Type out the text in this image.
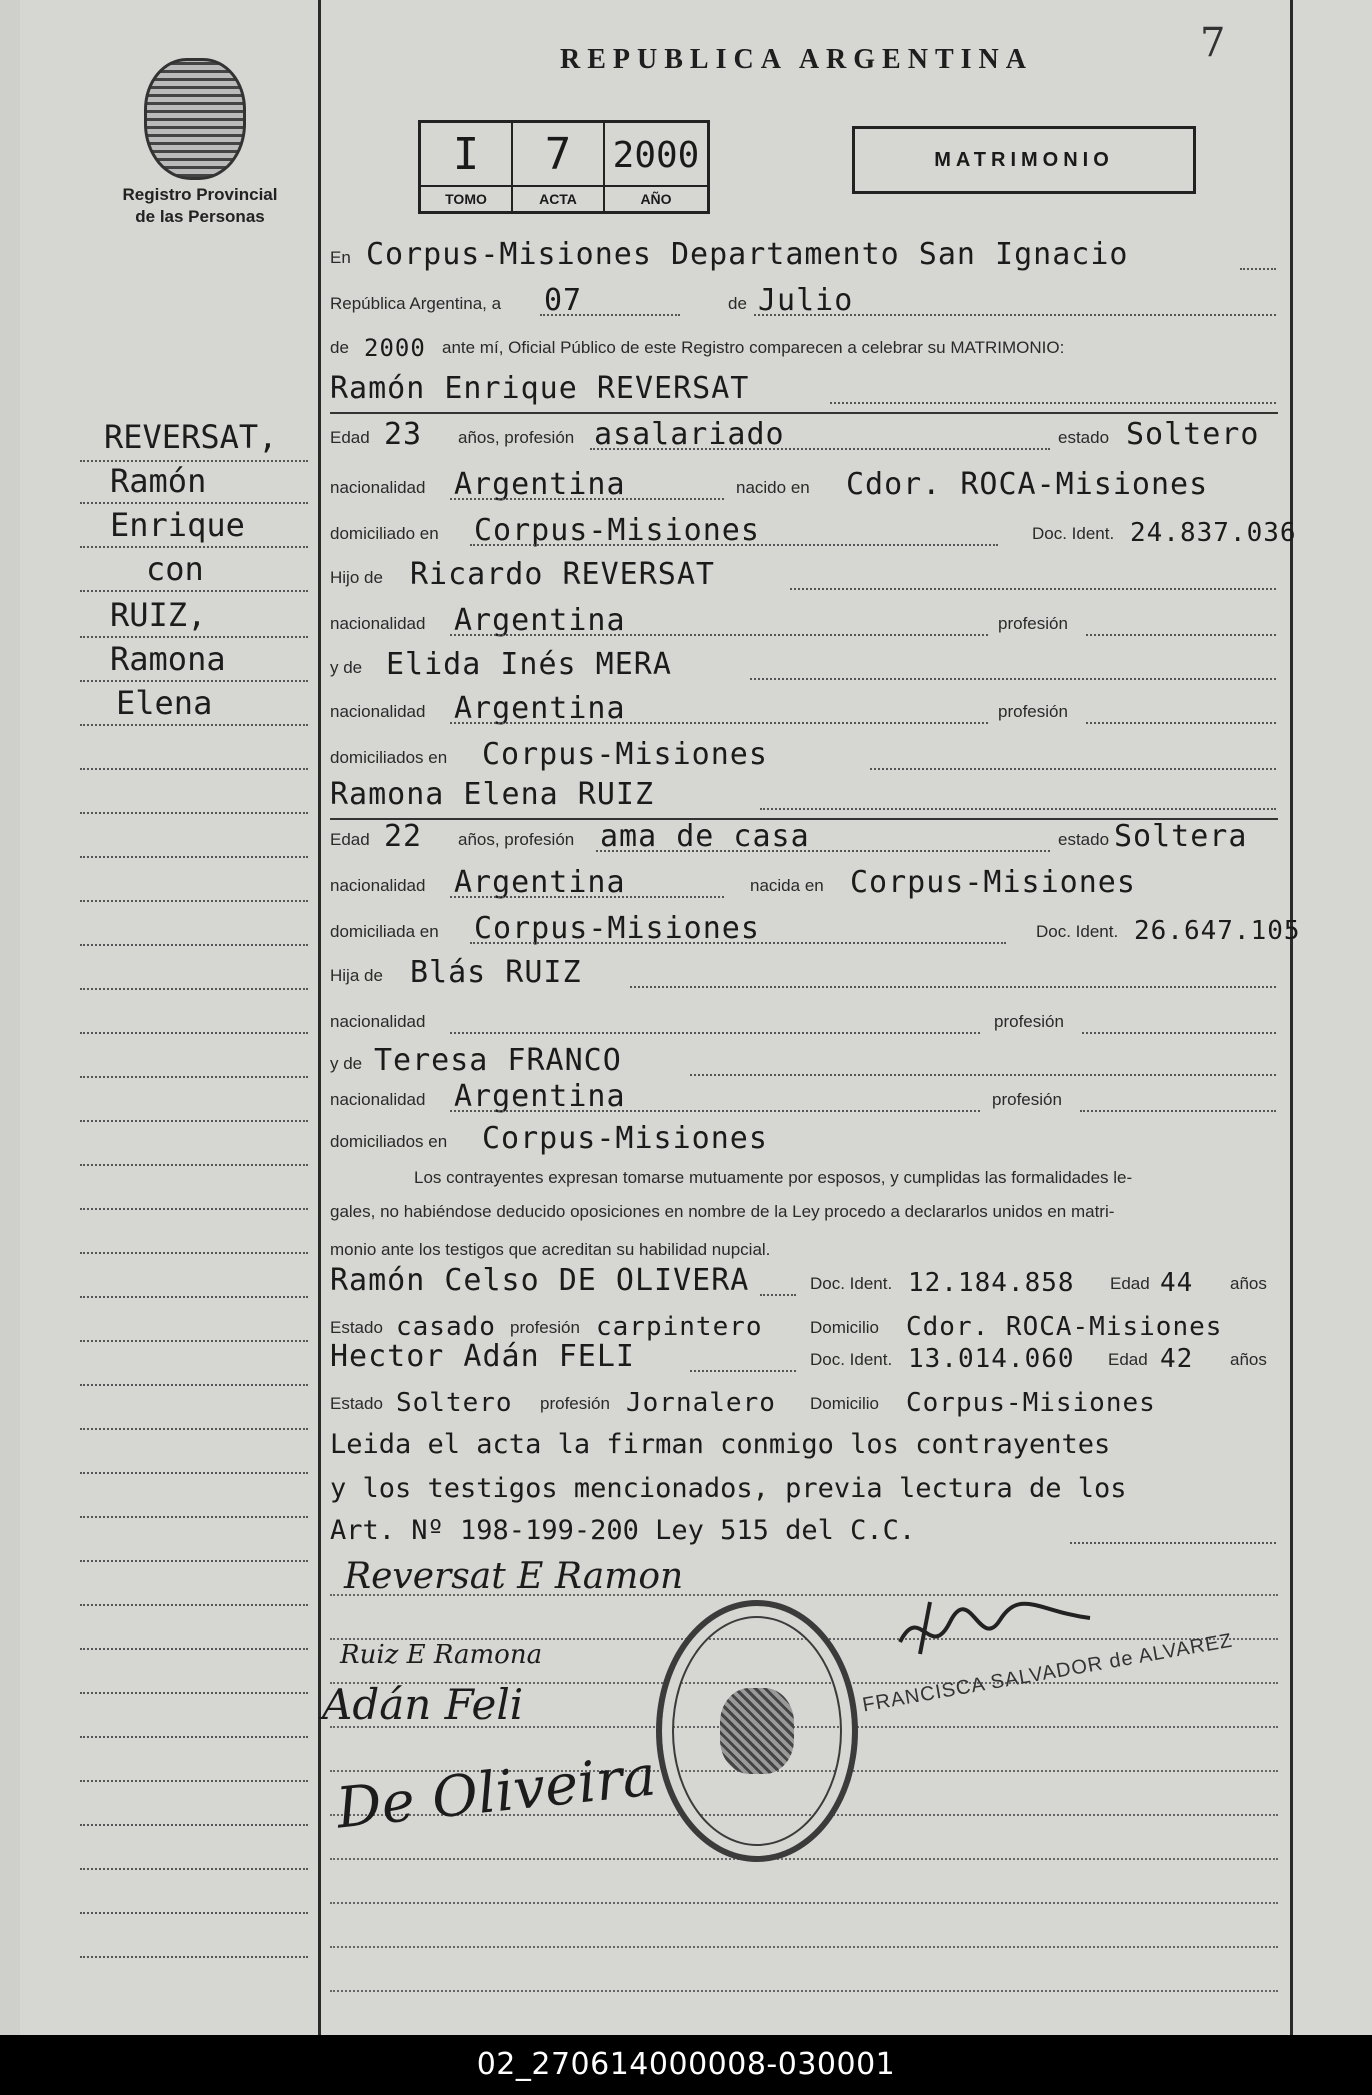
Registro Provincial
de las Personas
REPUBLICA ARGENTINA	7
I
TOMO
7
ACTA
2000
AÑO
MATRIMONIO
REVERSAT,
Ramón
Enrique
con
RUIZ,
Ramona
Elena
En Corpus-Misiones Departamento San Ignacio
República Argentina, a 07	de Julio
de 2000 ante mí, Oficial Público de este Registro comparecen a celebrar su MATRIMONIO:
Ramón Enrique REVERSAT
Edad 23 años, profesión asalariado	estado Soltero
nacionalidad Argentina	nacido en Cdor. ROCA-Misiones
domiciliado en Corpus-Misiones	Doc. Ident. 24.837.036
Hijo de Ricardo REVERSAT
nacionalidad Argentina	profesión
y de Elida Inés MERA
nacionalidad Argentina	profesión
domiciliados en Corpus-Misiones
Ramona Elena RUIZ
Edad 22 años, profesión ama de casa	estado Soltera
nacionalidad Argentina	nacida en Corpus-Misiones
domiciliada en Corpus-Misiones	Doc. Ident. 26.647.105
Hija de Blás RUIZ
nacionalidad	profesión
y de Teresa FRANCO
nacionalidad Argentina	profesión
domiciliados en Corpus-Misiones
Los contrayentes expresan tomarse mutuamente por esposos, y cumplidas las formalidades le-
gales, no habiéndose deducido oposiciones en nombre de la Ley procedo a declararlos unidos en matri-
monio ante los testigos que acreditan su habilidad nupcial.
Ramón Celso DE OLIVERA	Doc. Ident. 12.184.858 Edad 44 años
Estado casado profesión carpintero	Domicilio Cdor. ROCA-Misiones
Hector Adán FELI	Doc. Ident. 13.014.060 Edad 42 años
Estado Soltero profesión Jornalero Domicilio Corpus-Misiones
Leida el acta la firman conmigo los contrayentes
y los testigos mencionados, previa lectura de los
Art. Nº 198-199-200 Ley 515 del C.C.
Reversat E Ramon
Ruiz E Ramona
Adán Feli
De Oliveira
FRANCISCA SALVADOR de ALVAREZ
02_270614000008-030001
